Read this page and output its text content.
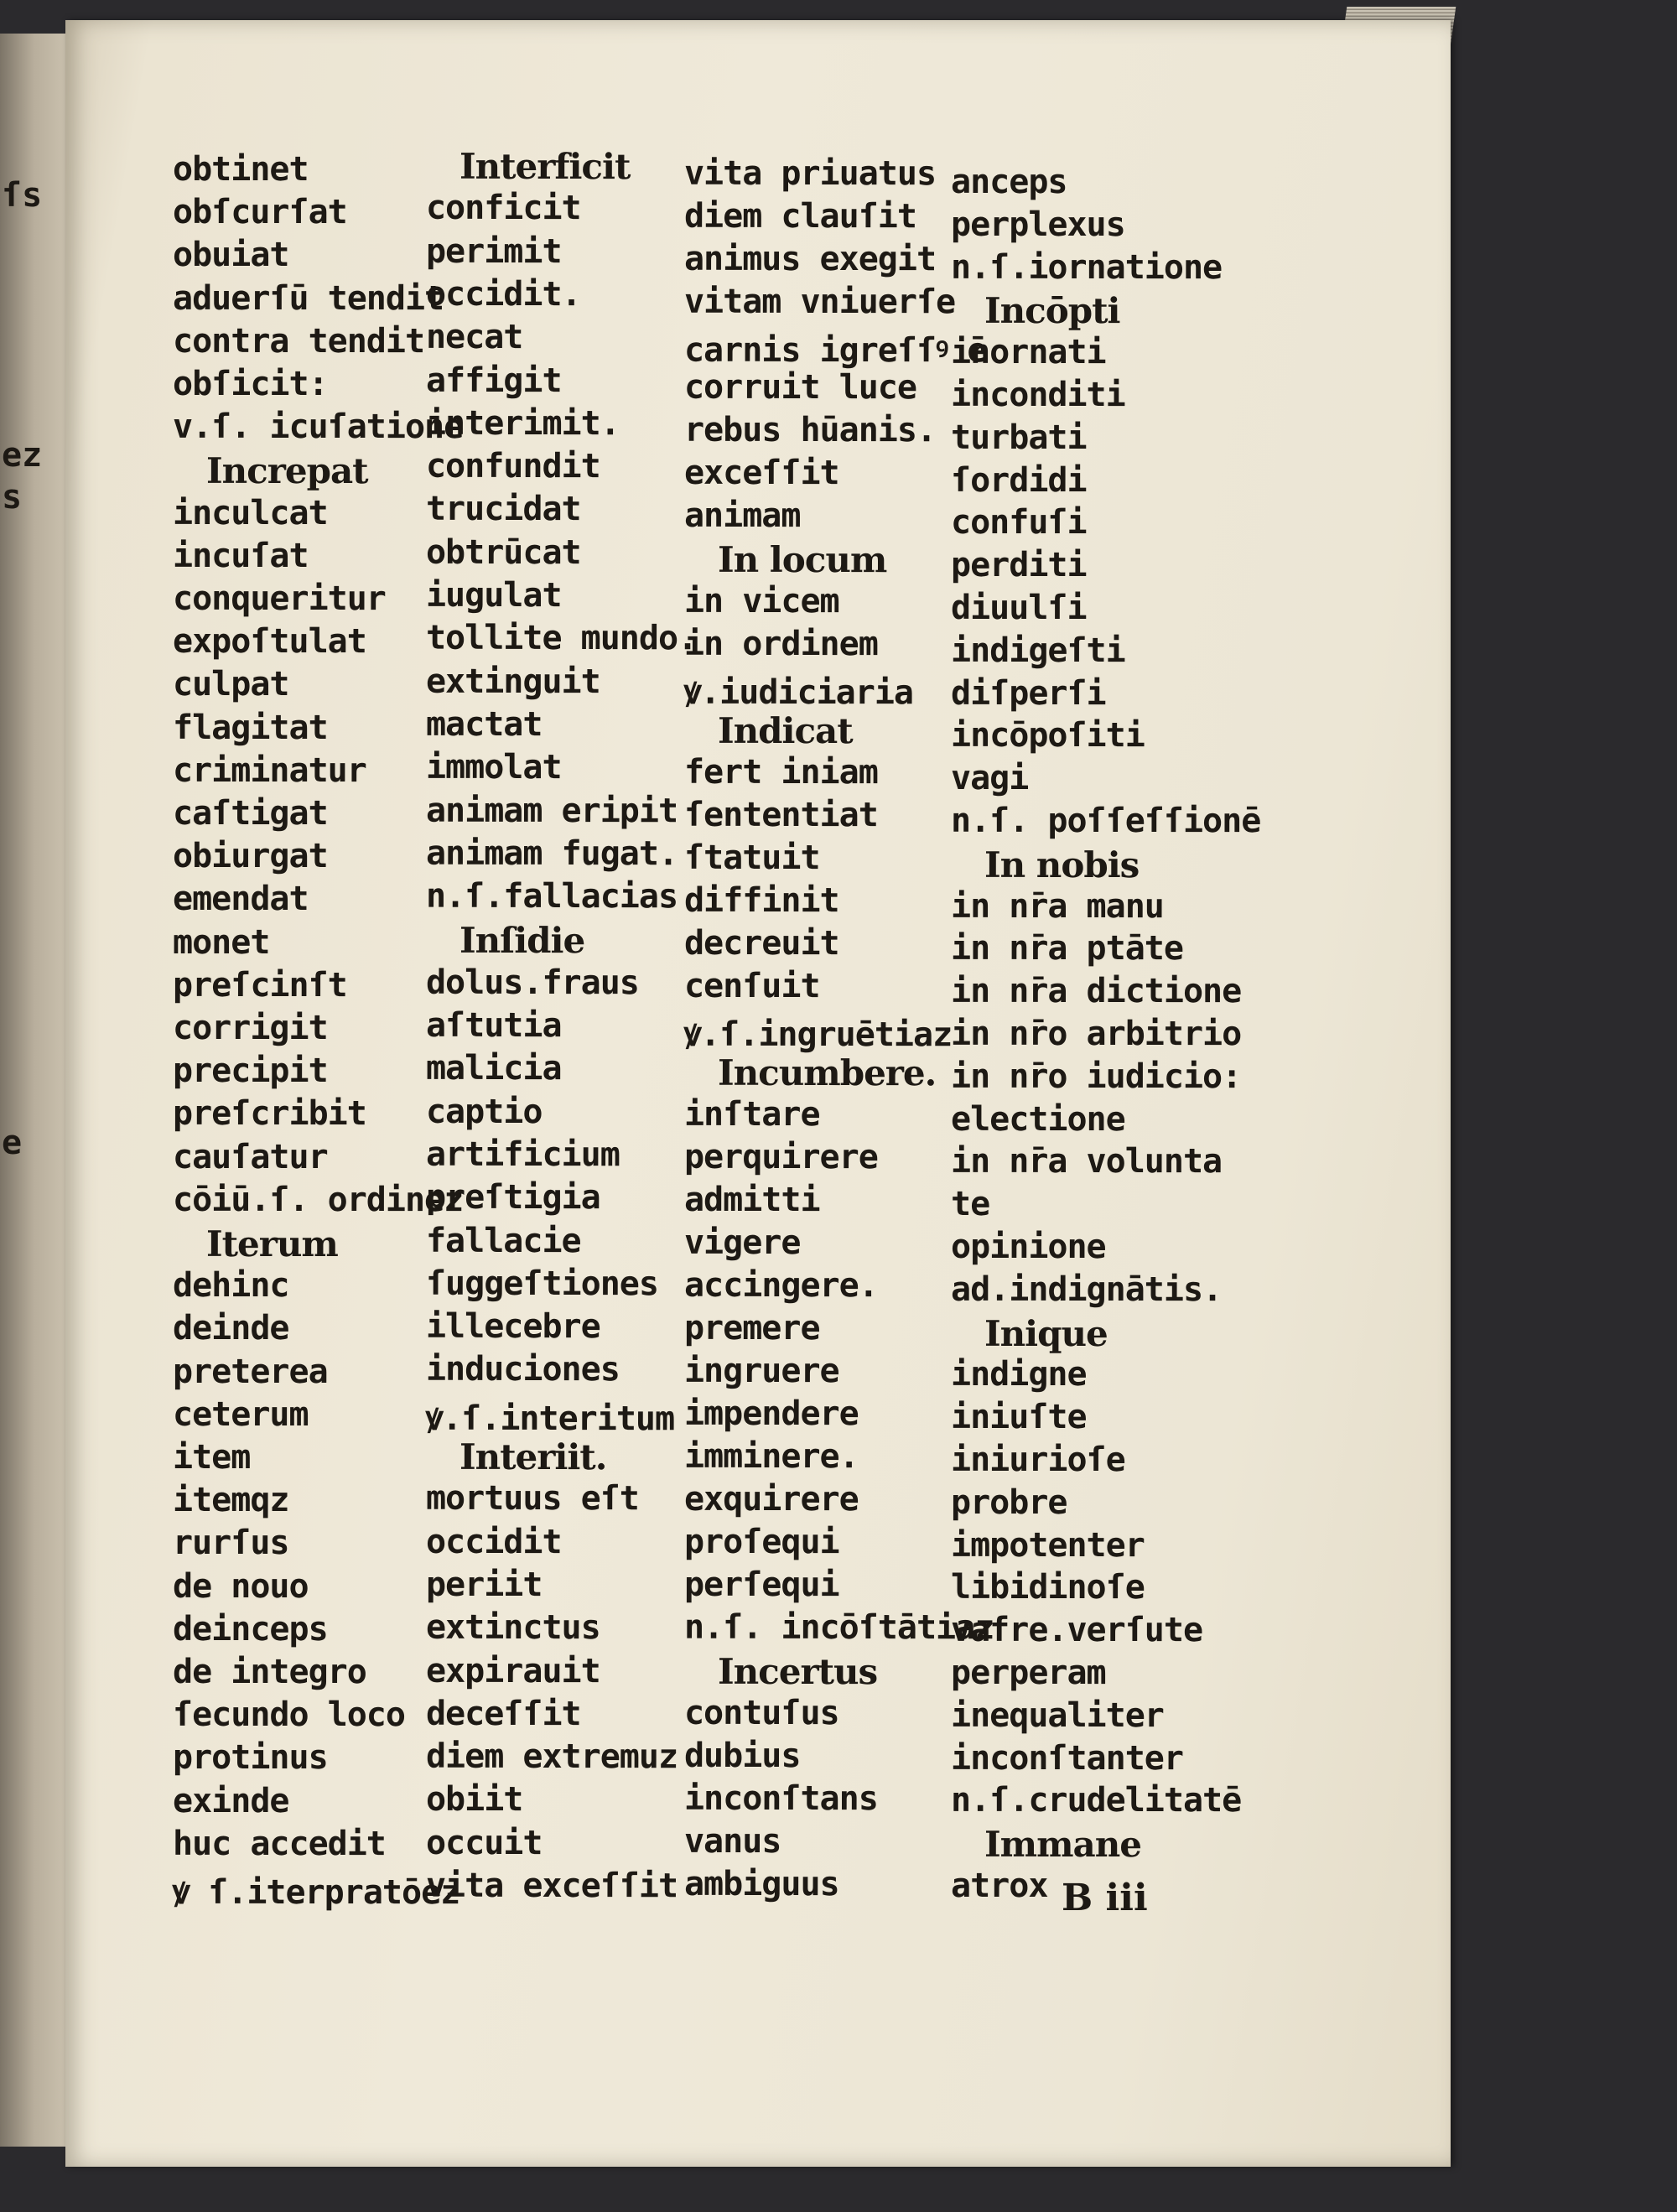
ſs
ez
s
e
obtinet
obſcurſat
obuiat
aduerſū tendit
contra tendit
obſicit:
v.ſ. icuſatione
Increpat
inculcat
incuſat
conqueritur
expoſtulat
culpat
flagitat
criminatur
caſtigat
obiurgat
emendat
monet
preſcinſt
corrigit
precipit
preſcribit
cauſatur
cōiū.ſ. ordinez
Iterum
dehinc
deinde
preterea
ceterum
item
itemqz
rurſus
de nouo
deinceps
de integro
ſecundo loco
protinus
exinde
huc accedit
ꝟ ſ.iterpratōez
Interficit
conficit
perimit
occidit.
necat
affigit
interimit.
confundit
trucidat
obtrūcat
iugulat
tollite mundo.
extinguit
mactat
immolat
animam eripit
animam fugat.
n.ſ.fallacias
Inſidie
dolus.fraus
aſtutia
malicia
captio
artificium
preſtigia
fallacie
ſuggeſtiones
illecebre
induciones
ꝟ.ſ.interitum
Interiit.
mortuus eſt
occidit
periit
extinctus
expirauit
deceſſit
diem extremuz
obiit
occuit
vita exceſſit
vita priuatus
diem clauſit
animus exegit
vitam vniuerſe
carnis igreſſꝰ ē
corruit luce
rebus hūanis.
exceſſit
animam
In locum
in vicem
in ordinem
ꝟ.iudiciaria
Indicat
fert iniam
ſententiat
ſtatuit
diffinit
decreuit
cenſuit
ꝟ.ſ.ingruētiaz
Incumbere.
inſtare
perquirere
admitti
vigere
accingere.
premere
ingruere
impendere
imminere.
exquirere
proſequi
perſequi
n.ſ. incōſtātiaz
Incertus
contuſus
dubius
inconſtans
vanus
ambiguus
anceps
perplexus
n.ſ.iornatione
Incōpti
inornati
inconditi
turbati
ſordidi
confuſi
perditi
diuulſi
indigeſti
diſperſi
incōpoſiti
vagi
n.ſ. poſſeſſionē
In nobis
in nr̄a manu
in nr̄a ptāte
in nr̄a dictione
in nr̄o arbitrio
in nr̄o iudicio:
electione
in nr̄a volunta
te
opinione
ad.indignātis.
Inique
indigne
iniuſte
iniurioſe
probre
impotenter
libidinoſe
vafre.verſute
perperam
inequaliter
inconſtanter
n.ſ.crudelitatē
Immane
atrox B iii
